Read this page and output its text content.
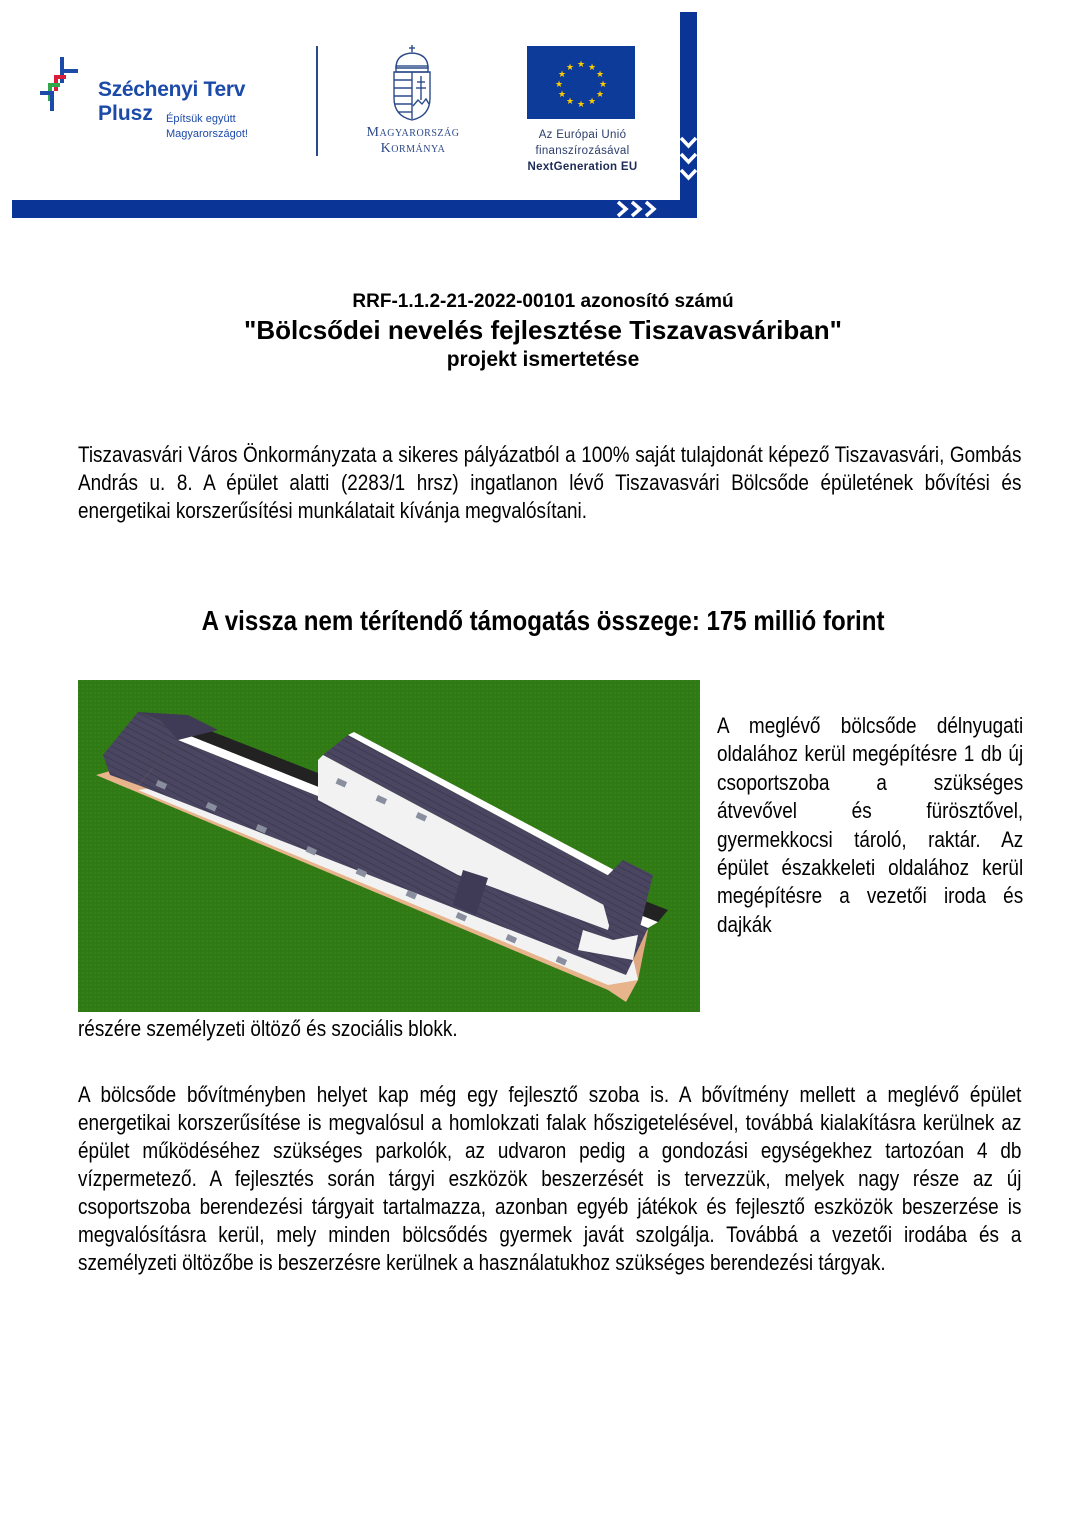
Széchenyi Terv
Plusz Építsük együtt
Magyarországot!	Magyarország
Kormánya
★ ★
★
★
★
★
★
★
★
★
★
★
Az Európai Unió
finanszírozásával
NextGeneration EU
RRF-1.1.2-21-2022-00101 azonosító számú
"Bölcsődei nevelés fejlesztése Tiszavasváriban"
projekt ismertetése
Tiszavasvári Város Önkormányzata a sikeres pályázatból a 100% saját tulajdonát képező Tiszavasvári, Gombás András u. 8. A épület alatti (2283/1 hrsz) ingatlanon lévő Tiszavasvári Bölcsőde épületének bővítési és energetikai korszerűsítési munkálatait kívánja megvalósítani.
A vissza nem térítendő támogatás összege: 175 millió forint
A meglévő bölcsőde délnyugati oldalához kerül megépítésre 1 db új csoportszoba a szükséges átvevővel és fürösztővel, gyermekkocsi tároló, raktár. Az épület északkeleti oldalához kerül megépítésre a vezetői iroda és dajkák
részére személyzeti öltöző és szociális blokk.
A bölcsőde bővítményben helyet kap még egy fejlesztő szoba is. A bővítmény mellett a meglévő épület energetikai korszerűsítése is megvalósul a homlokzati falak hőszigetelésével, továbbá kialakításra kerülnek az épület működéséhez szükséges parkolók, az udvaron pedig a gondozási egységekhez tartozóan 4 db vízpermetező. A fejlesztés során tárgyi eszközök beszerzését is tervezzük, melyek nagy része az új csoportszoba berendezési tárgyait tartalmazza, azonban egyéb játékok és fejlesztő eszközök beszerzése is megvalósításra kerül, mely minden bölcsődés gyermek javát szolgálja. Továbbá a vezetői irodába és a személyzeti öltözőbe is beszerzésre kerülnek a használatukhoz szükséges berendezési tárgyak.
